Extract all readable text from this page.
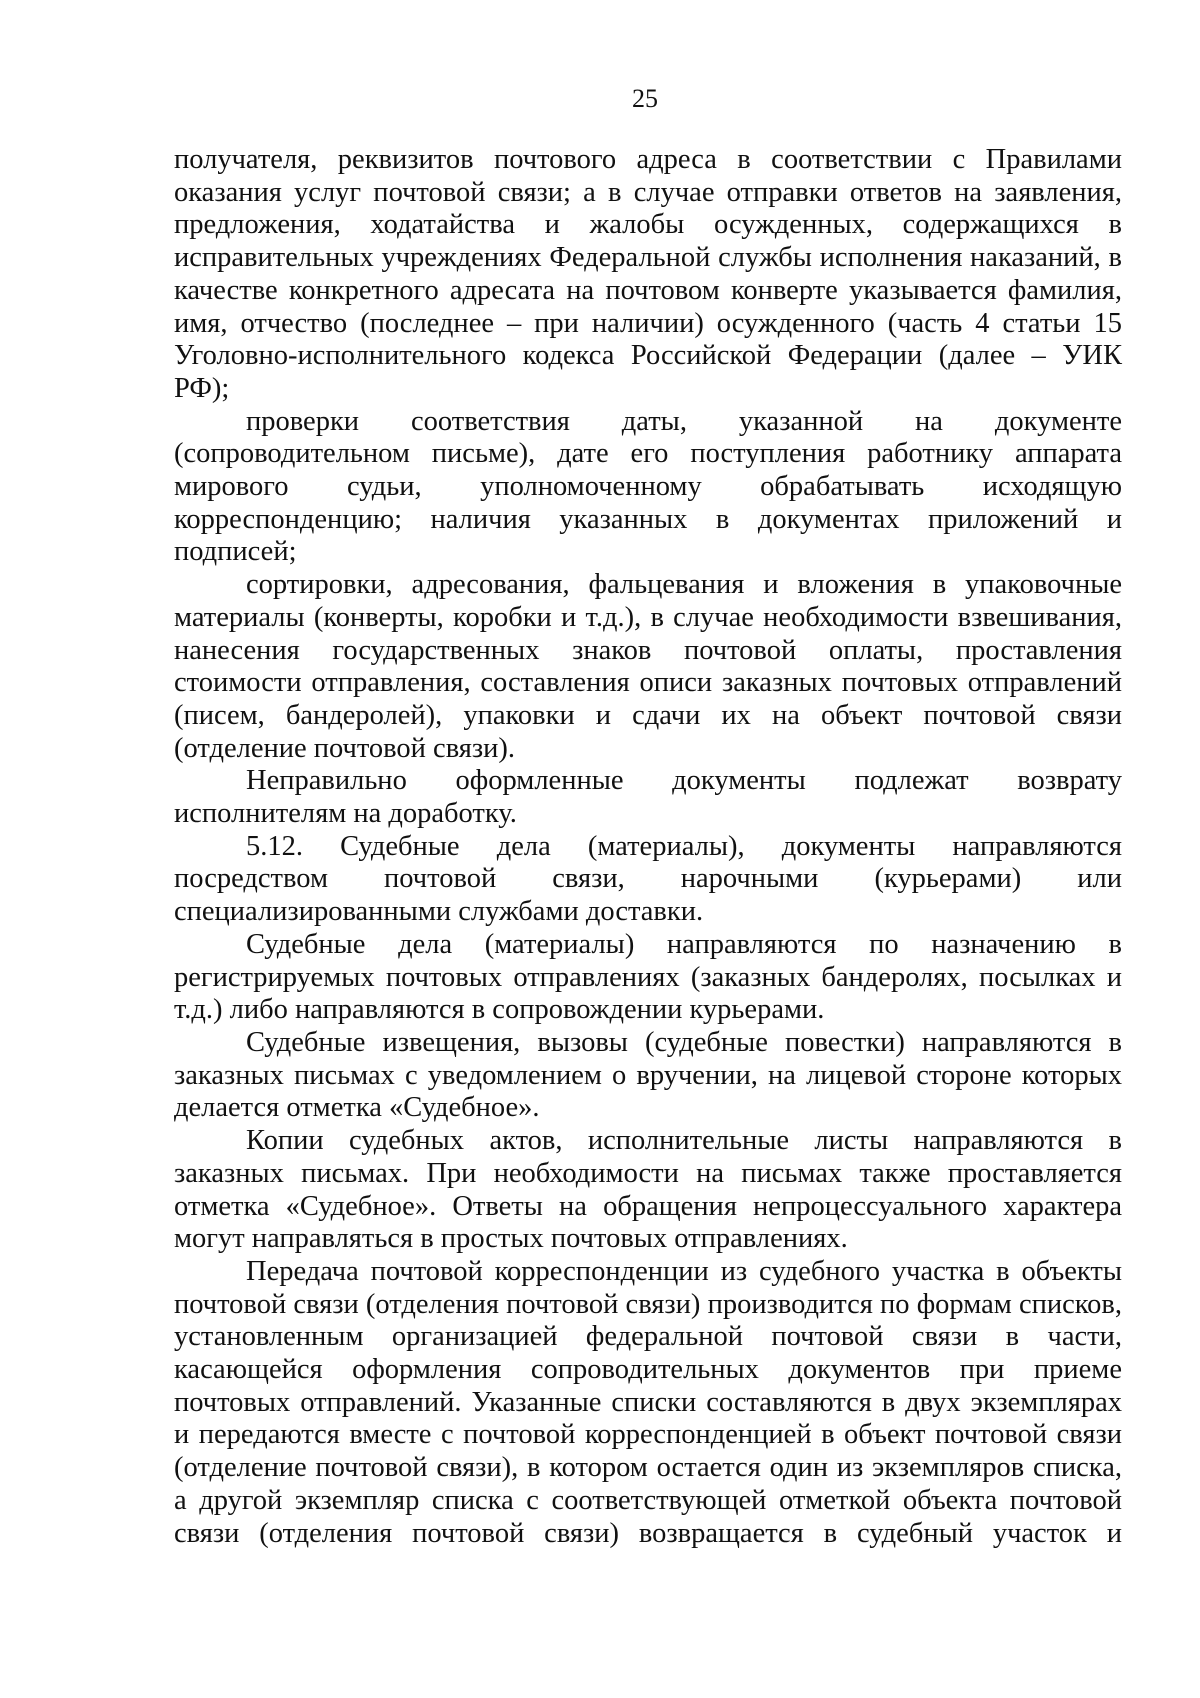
25

получателя, реквизитов почтового адреса в соответствии с Правилами оказания услуг почтовой связи; а в случае отправки ответов на заявления, предложения, ходатайства и жалобы осужденных, содержащихся в исправительных учреждениях Федеральной службы исполнения наказаний, в качестве конкретного адресата на почтовом конверте указывается фамилия, имя, отчество (последнее – при наличии) осужденного (часть 4 статьи 15 Уголовно-исполнительного кодекса Российской Федерации (далее – УИК РФ);

проверки соответствия даты, указанной на документе (сопроводительном письме), дате его поступления работнику аппарата мирового судьи, уполномоченному обрабатывать исходящую корреспонденцию; наличия указанных в документах приложений и подписей;

сортировки, адресования, фальцевания и вложения в упаковочные материалы (конверты, коробки и т.д.), в случае необходимости взвешивания, нанесения государственных знаков почтовой оплаты, проставления стоимости отправления, составления описи заказных почтовых отправлений (писем, бандеролей), упаковки и сдачи их на объект почтовой связи (отделение почтовой связи).

Неправильно оформленные документы подлежат возврату исполнителям на доработку.

5.12. Судебные дела (материалы), документы направляются посредством почтовой связи, нарочными (курьерами) или специализированными службами доставки.

Судебные дела (материалы) направляются по назначению в регистрируемых почтовых отправлениях (заказных бандеролях, посылках и т.д.) либо направляются в сопровождении курьерами.

Судебные извещения, вызовы (судебные повестки) направляются в заказных письмах с уведомлением о вручении, на лицевой стороне которых делается отметка «Судебное».

Копии судебных актов, исполнительные листы направляются в заказных письмах. При необходимости на письмах также проставляется отметка «Судебное». Ответы на обращения непроцессуального характера могут направляться в простых почтовых отправлениях.

Передача почтовой корреспонденции из судебного участка в объекты почтовой связи (отделения почтовой связи) производится по формам списков, установленным организацией федеральной почтовой связи в части, касающейся оформления сопроводительных документов при приеме почтовых отправлений. Указанные списки составляются в двух экземплярах и передаются вместе с почтовой корреспонденцией в объект почтовой связи (отделение почтовой связи), в котором остается один из экземпляров списка, а другой экземпляр списка с соответствующей отметкой объекта почтовой связи (отделения почтовой связи) возвращается в судебный участок и
